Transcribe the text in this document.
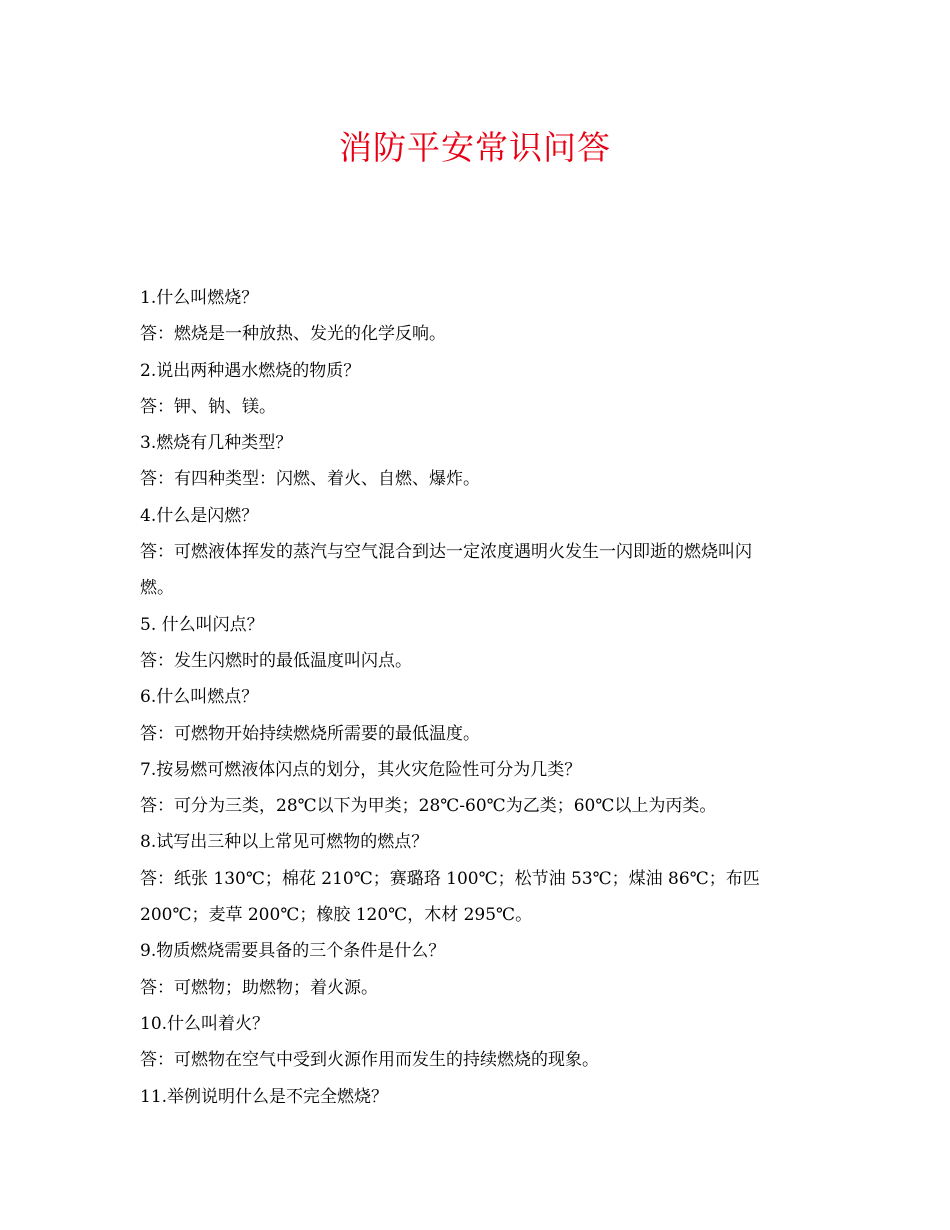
消防平安常识问答

1.什么叫燃烧？

答：燃烧是一种放热、发光的化学反响。

2.说出两种遇水燃烧的物质？

答：钾、钠、镁。

3.燃烧有几种类型？

答：有四种类型：闪燃、着火、自燃、爆炸。

4.什么是闪燃？

答：可燃液体挥发的蒸汽与空气混合到达一定浓度遇明火发生一闪即逝的燃烧叫闪

燃。

5. 什么叫闪点？

答：发生闪燃时的最低温度叫闪点。

6.什么叫燃点？

答：可燃物开始持续燃烧所需要的最低温度。

7.按易燃可燃液体闪点的划分，其火灾危险性可分为几类？

答：可分为三类，28℃以下为甲类；28℃-60℃为乙类；60℃以上为丙类。

8.试写出三种以上常见可燃物的燃点？

答：纸张 130℃；棉花 210℃；赛璐珞 100℃；松节油 53℃；煤油 86℃；布匹

200℃；麦草 200℃；橡胶 120℃，木材 295℃。

9.物质燃烧需要具备的三个条件是什么？

答：可燃物；助燃物；着火源。

10.什么叫着火？

答：可燃物在空气中受到火源作用而发生的持续燃烧的现象。

11.举例说明什么是不完全燃烧？
